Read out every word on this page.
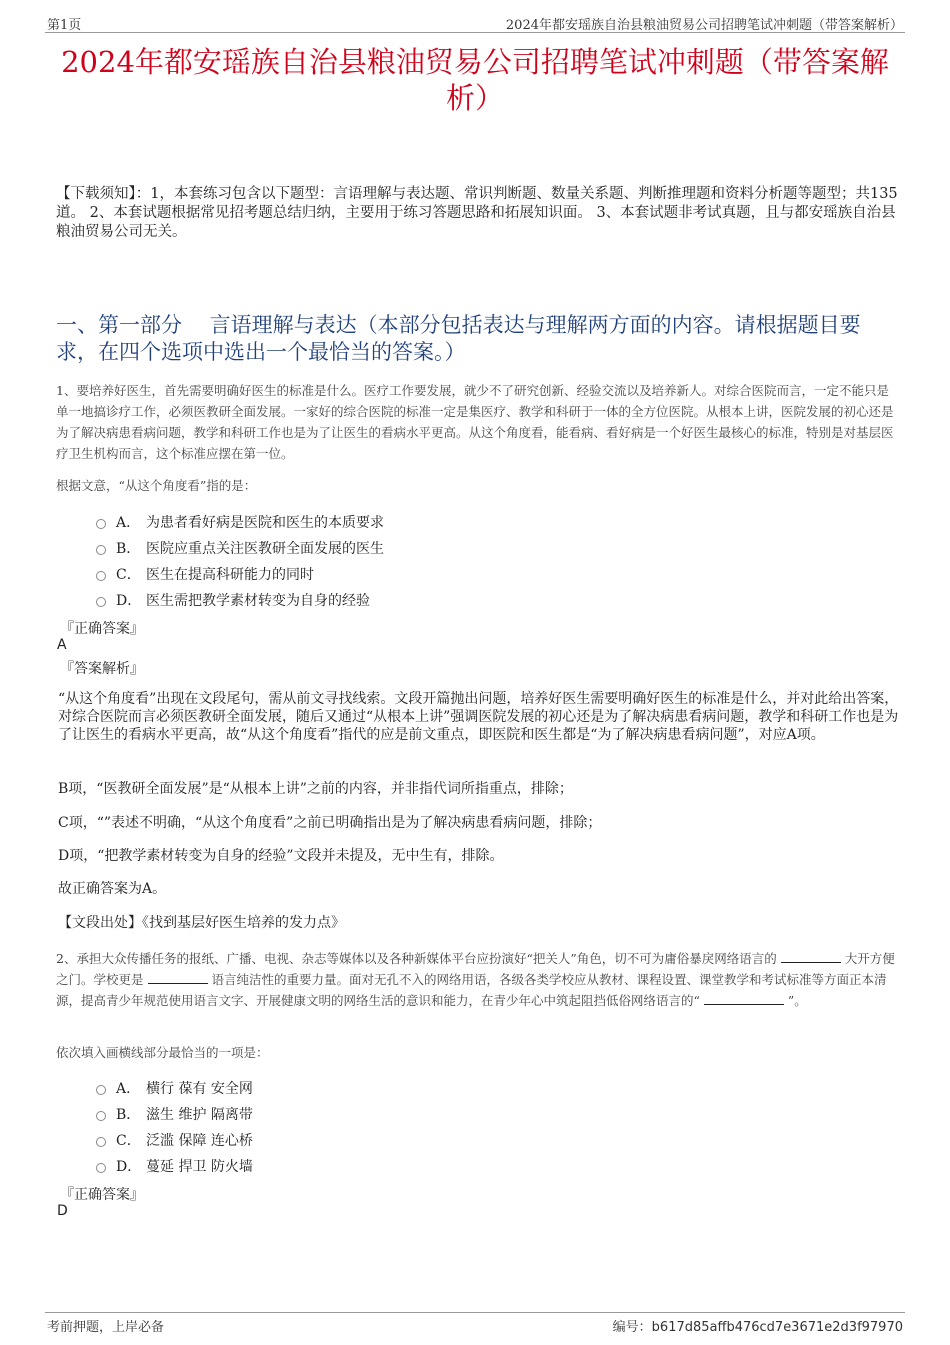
第1页	2024年都安瑶族自治县粮油贸易公司招聘笔试冲刺题（带答案解析）
2024年都安瑶族自治县粮油贸易公司招聘笔试冲刺题（带答案解析）
【下载须知】：1，本套练习包含以下题型：言语理解与表达题、常识判断题、数量关系题、判断推理题和资料分析题等题型；共135道。 2、本套试题根据常见招考题总结归纳，主要用于练习答题思路和拓展知识面。 3、本套试题非考试真题，且与都安瑶族自治县粮油贸易公司无关。
一、第一部分　 言语理解与表达（本部分包括表达与理解两方面的内容。请根据题目要求，在四个选项中选出一个最恰当的答案。）
1、要培养好医生，首先需要明确好医生的标准是什么。医疗工作要发展，就少不了研究创新、经验交流以及培养新人。对综合医院而言，一定不能只是单一地搞诊疗工作，必须医教研全面发展。一家好的综合医院的标准一定是集医疗、教学和科研于一体的全方位医院。从根本上讲，医院发展的初心还是为了解决病患看病问题，教学和科研工作也是为了让医生的看病水平更高。从这个角度看，能看病、看好病是一个好医生最核心的标准，特别是对基层医疗卫生机构而言，这个标准应摆在第一位。
根据文意，“从这个角度看”指的是：
A． 为患者看好病是医院和医生的本质要求
B． 医院应重点关注医教研全面发展的医生
C． 医生在提高科研能力的同时
D． 医生需把教学素材转变为自身的经验
『正确答案』
A
『答案解析』
“从这个角度看”出现在文段尾句，需从前文寻找线索。文段开篇抛出问题，培养好医生需要明确好医生的标准是什么，并对此给出答案，对综合医院而言必须医教研全面发展，随后又通过“从根本上讲”强调医院发展的初心还是为了解决病患看病问题，教学和科研工作也是为了让医生的看病水平更高，故“从这个角度看”指代的应是前文重点，即医院和医生都是“为了解决病患看病问题”，对应A项。
B项，“医教研全面发展”是“从根本上讲”之前的内容，并非指代词所指重点，排除；
C项，“”表述不明确，“从这个角度看”之前已明确指出是为了解决病患看病问题，排除；
D项，“把教学素材转变为自身的经验”文段并未提及，无中生有，排除。
故正确答案为A。
【文段出处】《找到基层好医生培养的发力点》
2、承担大众传播任务的报纸、广播、电视、杂志等媒体以及各种新媒体平台应扮演好“把关人”角色，切不可为庸俗暴戾网络语言的	大开方便之门。学校更是	语言纯洁性的重要力量。面对无孔不入的网络用语，各级各类学校应从教材、课程设置、课堂教学和考试标准等方面正本清源，提高青少年规范使用语言文字、开展健康文明的网络生活的意识和能力，在青少年心中筑起阻挡低俗网络语言的“	”。
依次填入画横线部分最恰当的一项是：
A． 横行 葆有 安全网
B． 滋生 维护 隔离带
C． 泛滥 保障 连心桥
D． 蔓延 捍卫 防火墙
『正确答案』
D
考前押题，上岸必备	编号：b617d85affb476cd7e3671e2d3f97970
